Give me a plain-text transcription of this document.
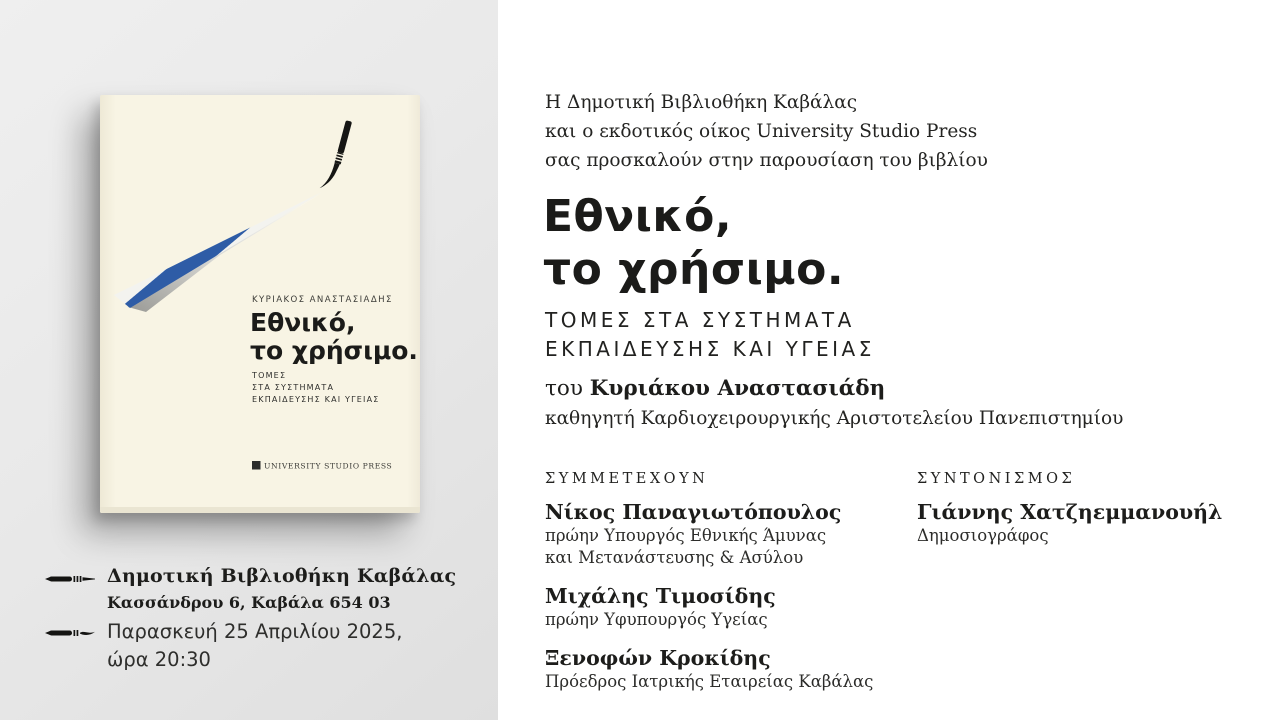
ΚΥΡΙΑΚΟΣ ΑΝΑΣΤΑΣΙΑΔΗΣ
Εθνικό,
το χρήσιμο.
ΤΟΜΕΣ
ΣΤΑ ΣΥΣΤΗΜΑΤΑ
ΕΚΠΑΙΔΕΥΣΗΣ ΚΑΙ ΥΓΕΙΑΣ
UNIVERSITY STUDIO PRESS
Δημοτική Βιβλιοθήκη Καβάλας
Κασσάνδρου 6, Καβάλα 654 03
Παρασκευή 25 Απριλίου 2025,
ώρα 20:30
Η Δημοτική Βιβλιοθήκη Καβάλας
και ο εκδοτικός οίκος University Studio Press
σας προσκαλούν στην παρουσίαση του βιβλίου
Εθνικό,
το χρήσιμο.
ΤΟΜΕΣ ΣΤΑ ΣΥΣΤΗΜΑΤΑ
ΕΚΠΑΙΔΕΥΣΗΣ ΚΑΙ ΥΓΕΙΑΣ
του Κυριάκου Αναστασιάδη
καθηγητή Καρδιοχειρουργικής Αριστοτελείου Πανεπιστημίου
ΣΥΜΜΕΤΕΧΟΥΝ
Νίκος Παναγιωτόπουλος
πρώην Υπουργός Εθνικής Άμυνας
και Μετανάστευσης & Ασύλου
Μιχάλης Τιμοσίδης
πρώην Υφυπουργός Υγείας
Ξενοφών Κροκίδης
Πρόεδρος Ιατρικής Εταιρείας Καβάλας
ΣΥΝΤΟΝΙΣΜΟΣ
Γιάννης Χατζηεμμανουήλ
Δημοσιογράφος
